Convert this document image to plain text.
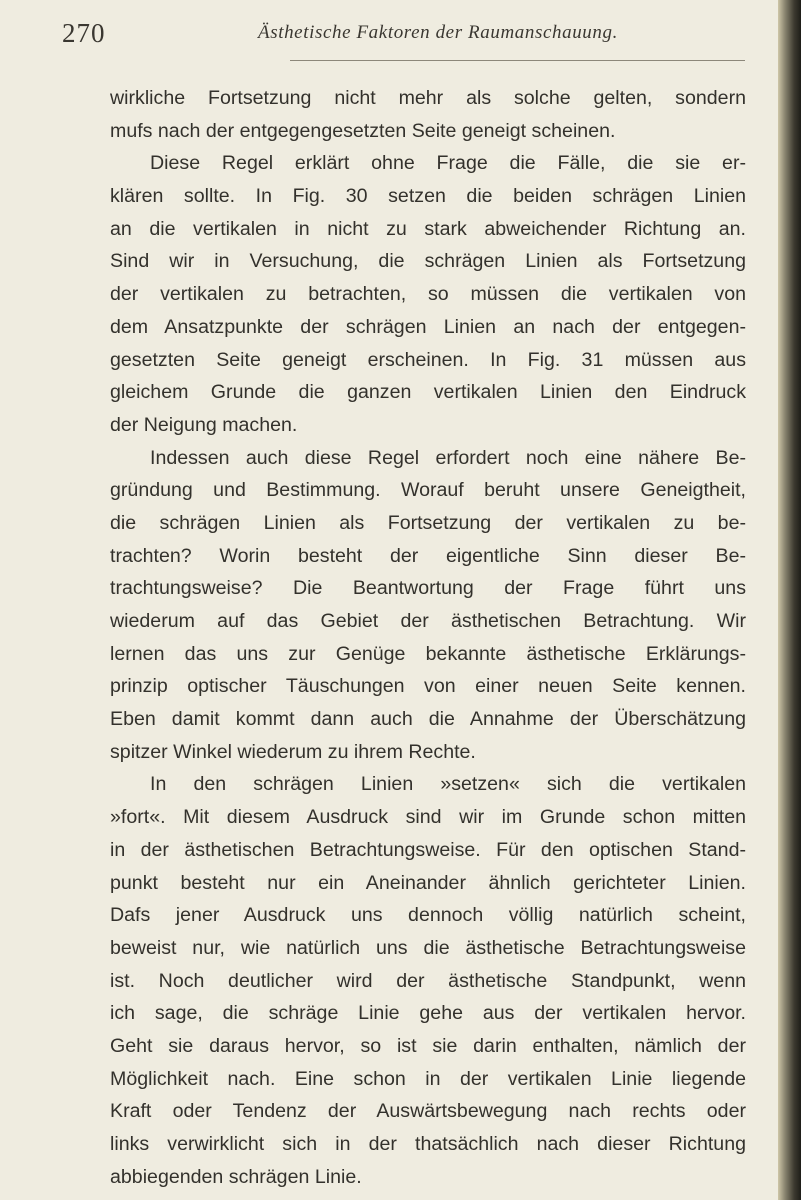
270	Ästhetische Faktoren der Raumanschauung.
wirkliche Fortsetzung nicht mehr als solche gelten, sondern
mufs nach der entgegengesetzten Seite geneigt scheinen.
Diese Regel erklärt ohne Frage die Fälle, die sie er-
klären sollte. In Fig. 30 setzen die beiden schrägen Linien
an die vertikalen in nicht zu stark abweichender Richtung an.
Sind wir in Versuchung, die schrägen Linien als Fortsetzung
der vertikalen zu betrachten, so müssen die vertikalen von
dem Ansatzpunkte der schrägen Linien an nach der entgegen-
gesetzten Seite geneigt erscheinen. In Fig. 31 müssen aus
gleichem Grunde die ganzen vertikalen Linien den Eindruck
der Neigung machen.
Indessen auch diese Regel erfordert noch eine nähere Be-
gründung und Bestimmung. Worauf beruht unsere Geneigtheit,
die schrägen Linien als Fortsetzung der vertikalen zu be-
trachten? Worin besteht der eigentliche Sinn dieser Be-
trachtungsweise? Die Beantwortung der Frage führt uns
wiederum auf das Gebiet der ästhetischen Betrachtung. Wir
lernen das uns zur Genüge bekannte ästhetische Erklärungs-
prinzip optischer Täuschungen von einer neuen Seite kennen.
Eben damit kommt dann auch die Annahme der Überschätzung
spitzer Winkel wiederum zu ihrem Rechte.
In den schrägen Linien »setzen« sich die vertikalen
»fort«. Mit diesem Ausdruck sind wir im Grunde schon mitten
in der ästhetischen Betrachtungsweise. Für den optischen Stand-
punkt besteht nur ein Aneinander ähnlich gerichteter Linien.
Dafs jener Ausdruck uns dennoch völlig natürlich scheint,
beweist nur, wie natürlich uns die ästhetische Betrachtungsweise
ist. Noch deutlicher wird der ästhetische Standpunkt, wenn
ich sage, die schräge Linie gehe aus der vertikalen hervor.
Geht sie daraus hervor, so ist sie darin enthalten, nämlich der
Möglichkeit nach. Eine schon in der vertikalen Linie liegende
Kraft oder Tendenz der Auswärtsbewegung nach rechts oder
links verwirklicht sich in der thatsächlich nach dieser Richtung
abbiegenden schrägen Linie.
